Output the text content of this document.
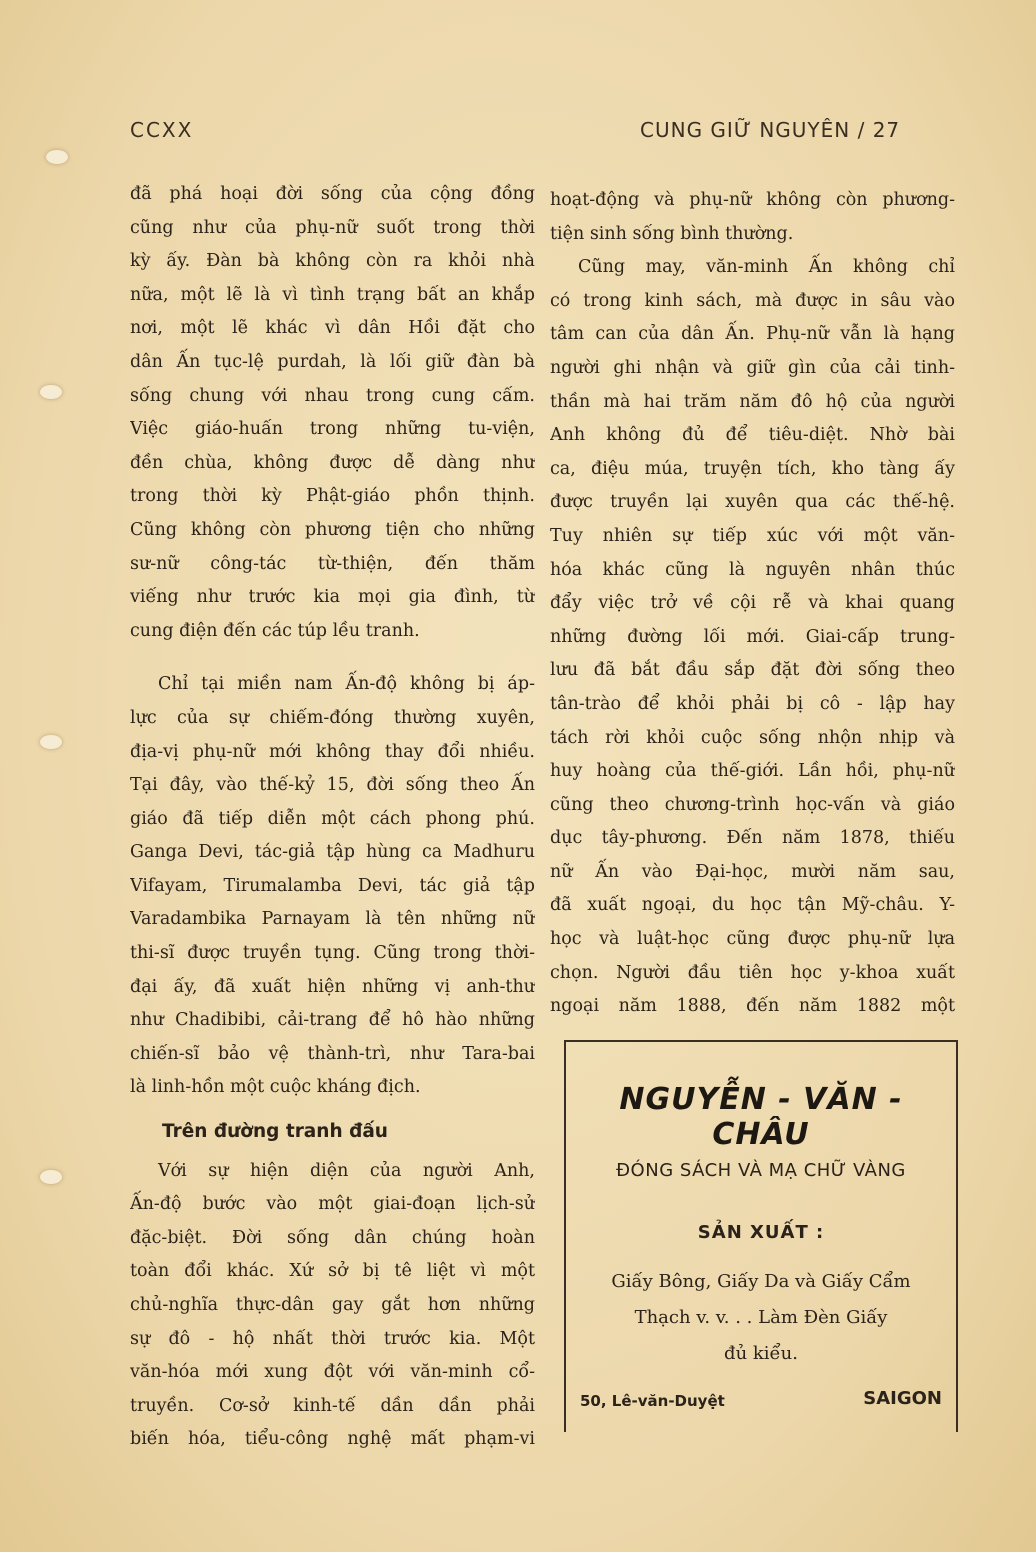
CCXX	CUNG GIỮ NGUYÊN / 27
đã phá hoại đời sống của cộng đồng
cũng như của phụ-nữ suốt trong thời
kỳ ấy. Đàn bà không còn ra khỏi nhà
nữa, một lẽ là vì tình trạng bất an khắp
nơi, một lẽ khác vì dân Hồi đặt cho
dân Ấn tục-lệ purdah, là lối giữ đàn bà
sống chung với nhau trong cung cấm.
Việc giáo-huấn trong những tu-viện,
đền chùa, không được dễ dàng như
trong thời kỳ Phật-giáo phồn thịnh.
Cũng không còn phương tiện cho những
sư-nữ công-tác từ-thiện, đến thăm
viếng như trước kia mọi gia đình, từ
cung điện đến các túp lều tranh.
Chỉ tại miền nam Ấn-độ không bị áp-
lực của sự chiếm-đóng thường xuyên,
địa-vị phụ-nữ mới không thay đổi nhiều.
Tại đây, vào thế-kỷ 15, đời sống theo Ấn
giáo đã tiếp diễn một cách phong phú.
Ganga Devi, tác-giả tập hùng ca Madhuru
Vifayam, Tirumalamba Devi, tác giả tập
Varadambika Parnayam là tên những nữ
thi-sĩ được truyền tụng. Cũng trong thời-
đại ấy, đã xuất hiện những vị anh-thư
như Chadibibi, cải-trang để hô hào những
chiến-sĩ bảo vệ thành-trì, như Tara-bai
là linh-hồn một cuộc kháng địch.
Trên đường tranh đấu
Với sự hiện diện của người Anh,
Ấn-độ bước vào một giai-đoạn lịch-sử
đặc-biệt. Đời sống dân chúng hoàn
toàn đổi khác. Xứ sở bị tê liệt vì một
chủ-nghĩa thực-dân gay gắt hơn những
sự đô - hộ nhất thời trước kia. Một
văn-hóa mới xung đột với văn-minh cổ-
truyền. Cơ-sở kinh-tế dần dần phải
biến hóa, tiểu-công nghệ mất phạm-vi
hoạt-động và phụ-nữ không còn phương-
tiện sinh sống bình thường.
Cũng may, văn-minh Ấn không chỉ
có trong kinh sách, mà được in sâu vào
tâm can của dân Ấn. Phụ-nữ vẫn là hạng
người ghi nhận và giữ gìn của cải tinh-
thần mà hai trăm năm đô hộ của người
Anh không đủ để tiêu-diệt. Nhờ bài
ca, điệu múa, truyện tích, kho tàng ấy
được truyền lại xuyên qua các thế-hệ.
Tuy nhiên sự tiếp xúc với một văn-
hóa khác cũng là nguyên nhân thúc
đẩy việc trở về cội rễ và khai quang
những đường lối mới. Giai-cấp trung-
lưu đã bắt đầu sắp đặt đời sống theo
tân-trào để khỏi phải bị cô - lập hay
tách rời khỏi cuộc sống nhộn nhịp và
huy hoàng của thế-giới. Lần hồi, phụ-nữ
cũng theo chương-trình học-vấn và giáo
dục tây-phương. Đến năm 1878, thiếu
nữ Ấn vào Đại-học, mười năm sau,
đã xuất ngoại, du học tận Mỹ-châu. Y-
học và luật-học cũng được phụ-nữ lựa
chọn. Người đầu tiên học y-khoa xuất
ngoại năm 1888, đến năm 1882 một
NGUYỄN - VĂN - CHÂU
ĐÓNG SÁCH VÀ MẠ CHỮ VÀNG
SẢN XUẤT :
Giấy Bông, Giấy Da và Giấy Cẩm
Thạch v. v. . . Làm Đèn Giấy
đủ kiểu.
50, Lê-văn-Duyệt	SAIGON
